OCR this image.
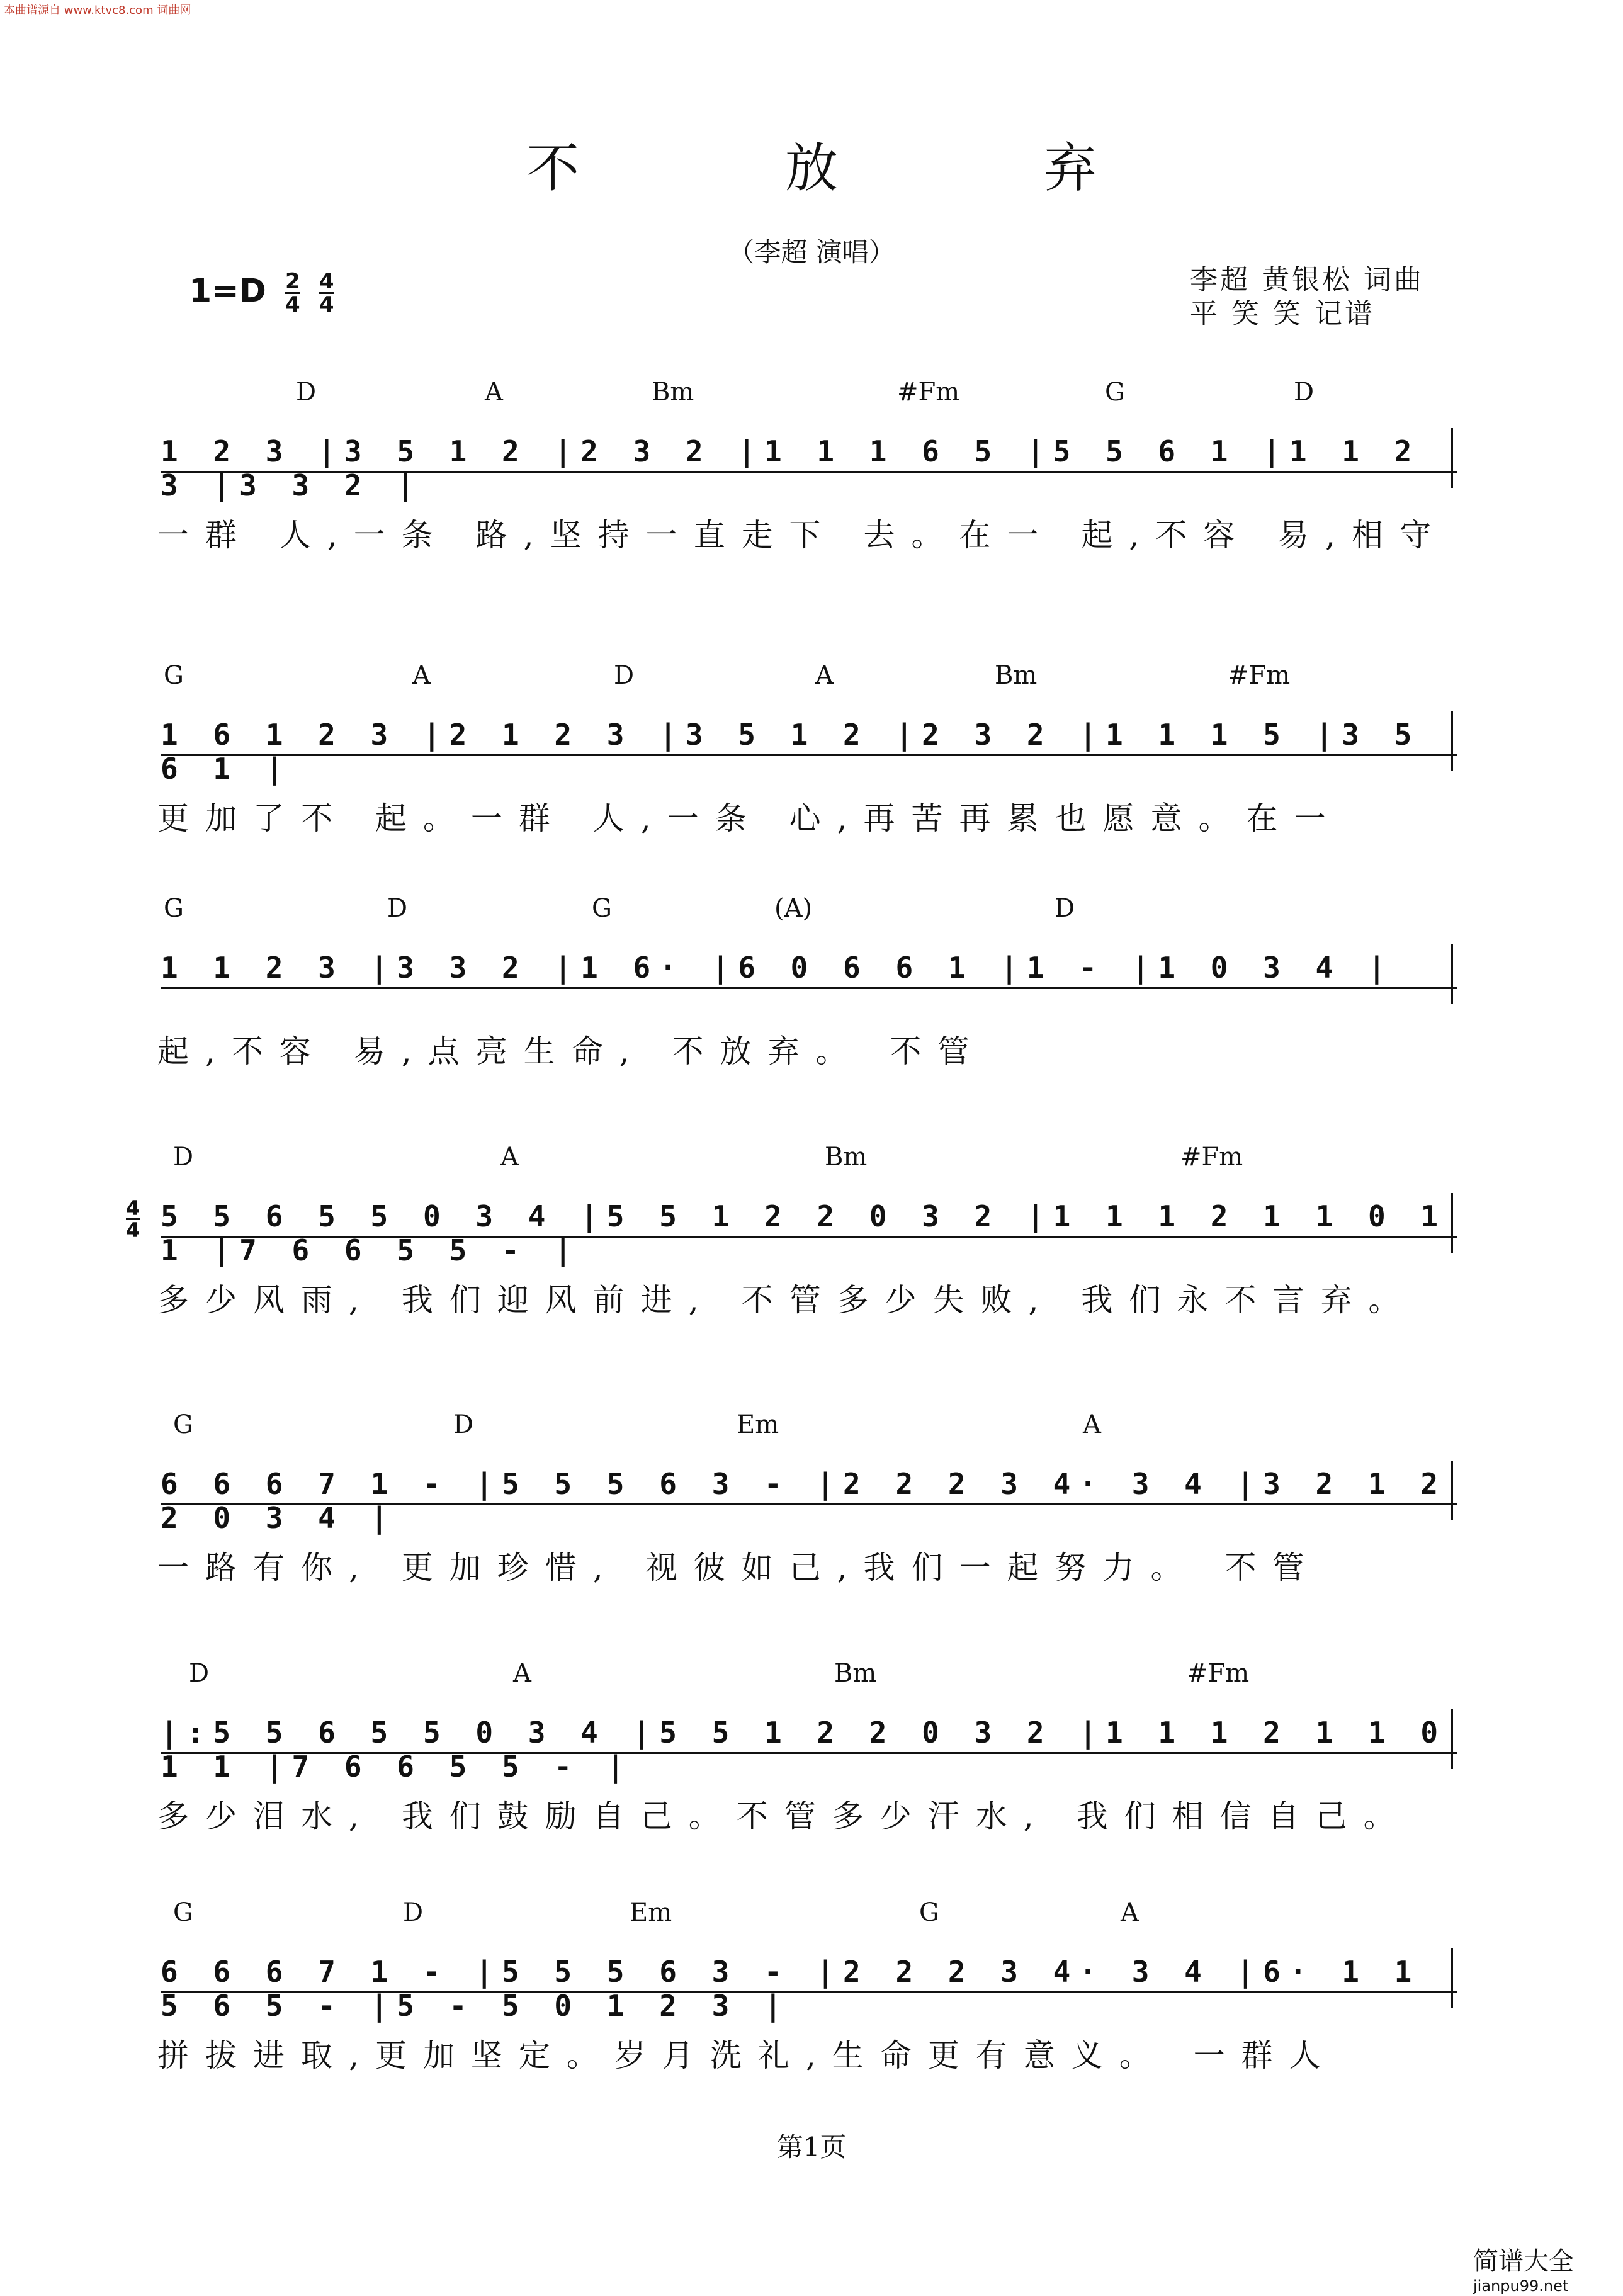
本曲谱源自 www.ktvc8.com 词曲网
不 放 弃
（李超 演唱）
$1=D \frac{2}{4}$
$\frac{4}{4}$	李超 黄银松 词曲
平 笑 笑 记谱
D	A	Bm	#Fm	G	D
1 2 3 |3 5 1 2 |2 3 2 |1 1 1 6 5 |5 5 6 1 |1 1 2 3 |3 3 2 |
一群 人,一条 路,坚持一直走下 去。在一 起,不容 易,相守
G	A	D	A	Bm	#Fm
1 6 1 2 3 |2 1 2 3 |3 5 1 2 |2 3 2 |1 1 1 5 |3 5 6 1 |
更加了不 起。一群 人,一条 心,再苦再累也愿意。在一
G	D	G	(A)	D
1 1 2 3 |3 3 2 |1 6· |6 0 6 6 1 |1 - |1 0 3 4 |
起,不容 易,点亮生命, 不放弃。 不管
D	A	Bm	#Fm
4
4 5 5 6 5 5 0 3 4 |5 5 1 2 2 0 3 2 |1 1 1 2 1 1 0 1 1 |7 6 6 5 5 - |
多少风雨, 我们迎风前进, 不管多少失败, 我们永不言弃。
G	D	Em	A
6 6 6 7 1 - |5 5 5 6 3 - |2 2 2 3 4· 3 4 |3 2 1 2 2 0 3 4 |
一路有你, 更加珍惜, 视彼如己,我们一起努力。 不管
D	A	Bm	#Fm
|:5 5 6 5 5 0 3 4 |5 5 1 2 2 0 3 2 |1 1 1 2 1 1 0 1 1 |7 6 6 5 5 - |
多少泪水, 我们鼓励自己。不管多少汗水, 我们相信自己。
G	D	Em	G	A
6 6 6 7 1 - |5 5 5 6 3 - |2 2 2 3 4· 3 4 |6· 1 1 5 6 5 - |5 - 5 0 1 2 3 |
拼拔进取,更加坚定。岁月洗礼,生命更有意义。 一群人
第1页
简谱大全
jianpu99.net
